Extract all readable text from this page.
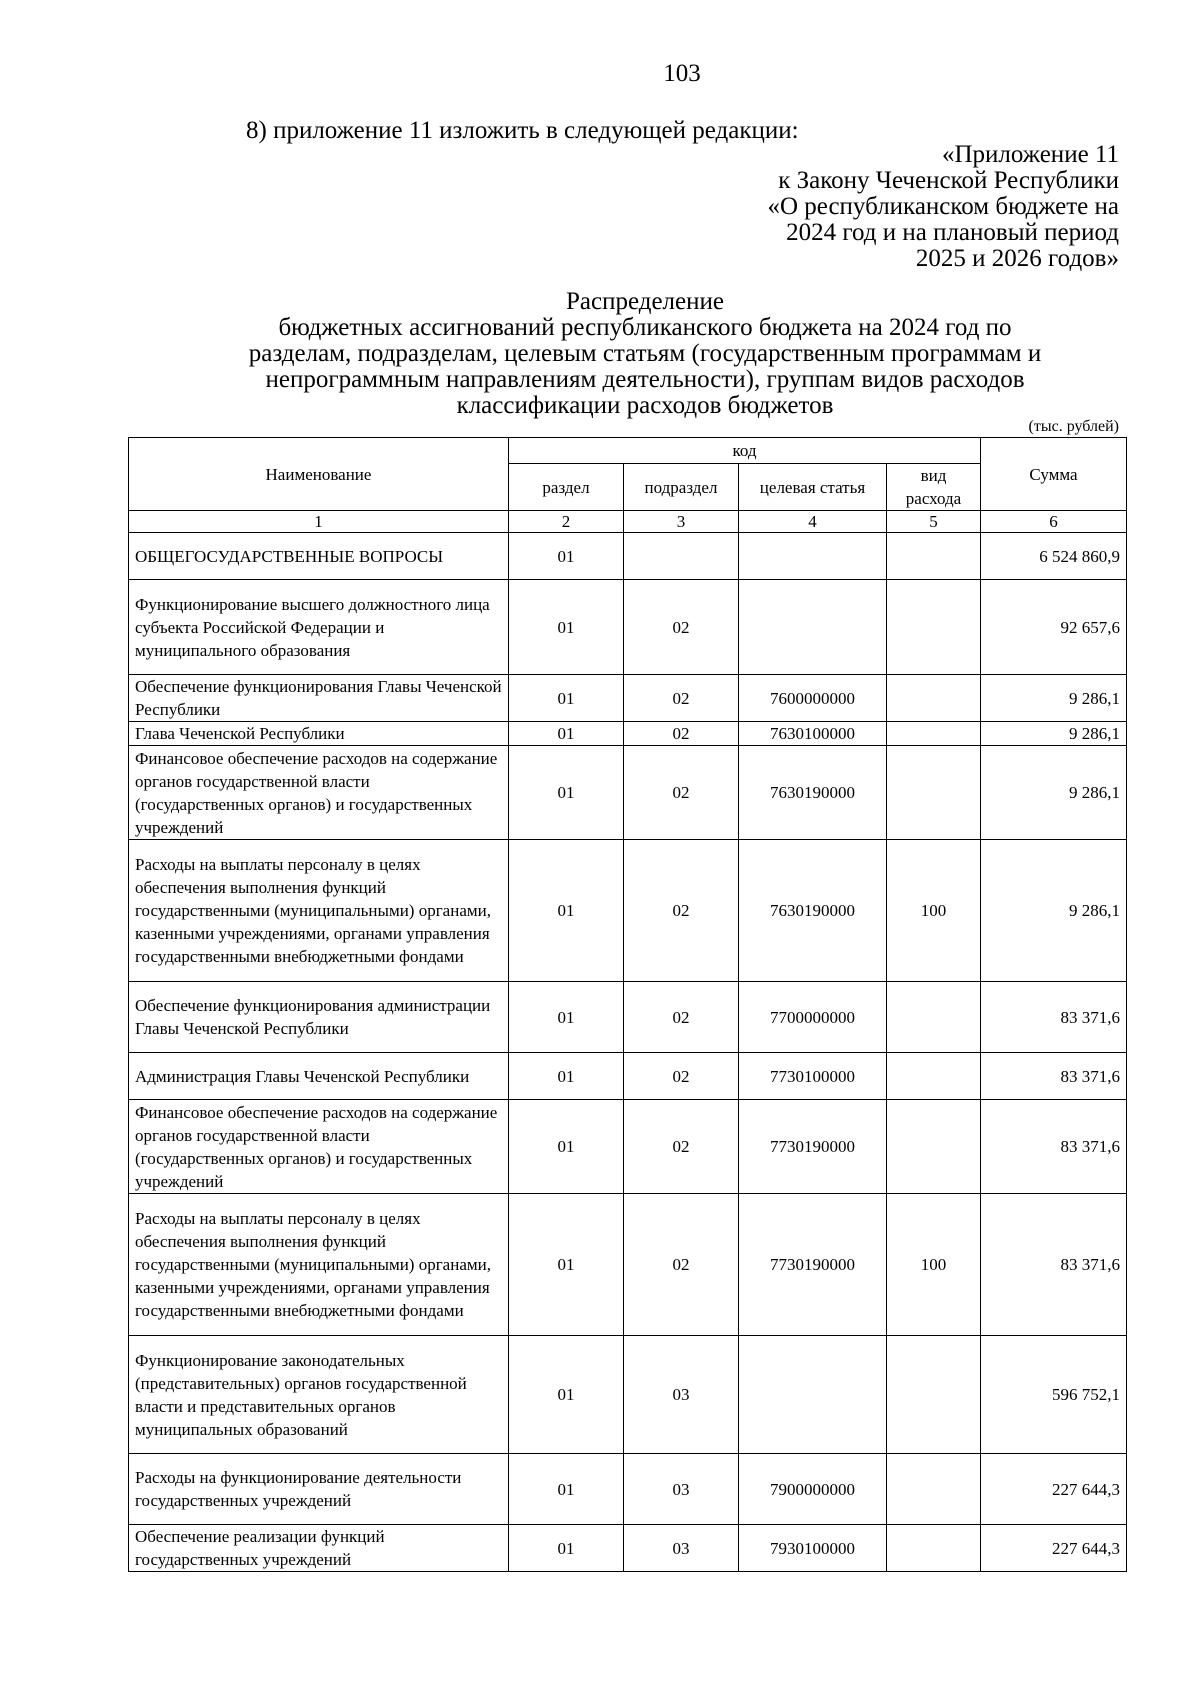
103
8) приложение 11 изложить в следующей редакции:
«Приложение 11
к Закону Чеченской Республики
«О республиканском бюджете на
2024 год и на плановый период
2025 и 2026 годов»
Распределение
бюджетных ассигнований республиканского бюджета на 2024 год по
разделам, подразделам, целевым статьям (государственным программам и
непрограммным направлениям деятельности), группам видов расходов
классификации расходов бюджетов
(тыс. рублей)
Наименование	код				Сумма
	раздел	подраздел	целевая статья	вид расхода	
1	2	3	4	5	6
ОБЩЕГОСУДАРСТВЕННЫЕ ВОПРОСЫ	01				6 524 860,9
Функционирование высшего должностного лица субъекта Российской Федерации и муниципального образования	01	02			92 657,6
Обеспечение функционирования Главы Чеченской Республики	01	02	7600000000		9 286,1
Глава Чеченской Республики	01	02	7630100000		9 286,1
Финансовое обеспечение расходов на содержание органов государственной власти (государственных органов) и государственных учреждений	01	02	7630190000		9 286,1
Расходы на выплаты персоналу в целях обеспечения выполнения функций государственными (муниципальными) органами, казенными учреждениями, органами управления государственными внебюджетными фондами	01	02	7630190000	100	9 286,1
Обеспечение функционирования администрации Главы Чеченской Республики	01	02	7700000000		83 371,6
Администрация Главы Чеченской Республики	01	02	7730100000		83 371,6
Финансовое обеспечение расходов на содержание органов государственной власти (государственных органов) и государственных учреждений	01	02	7730190000		83 371,6
Расходы на выплаты персоналу в целях обеспечения выполнения функций государственными (муниципальными) органами, казенными учреждениями, органами управления государственными внебюджетными фондами	01	02	7730190000	100	83 371,6
Функционирование законодательных (представительных) органов государственной власти и представительных органов муниципальных образований	01	03			596 752,1
Расходы на функционирование деятельности государственных учреждений	01	03	7900000000		227 644,3
Обеспечение реализации функций государственных учреждений	01	03	7930100000		227 644,3
